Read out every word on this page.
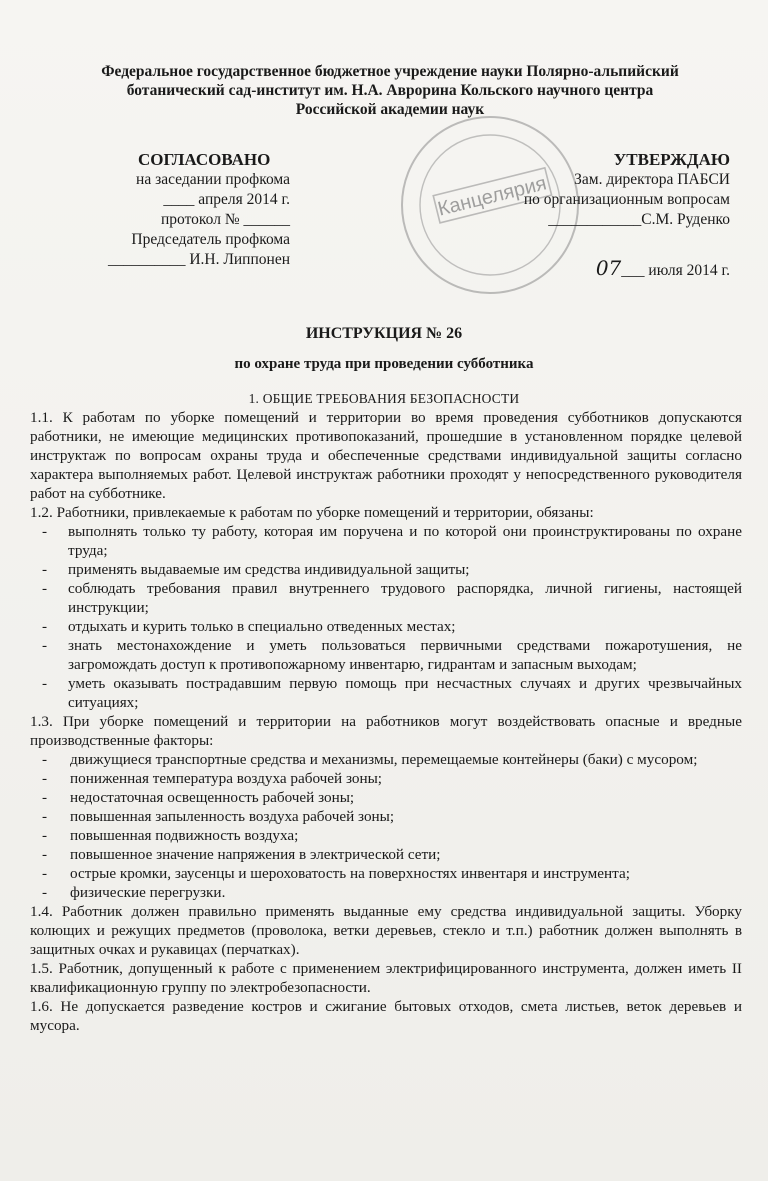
Федеральное государственное бюджетное учреждение науки Полярно-альпийский
ботанический сад-институт им. Н.А. Аврорина Кольского научного центра
Российской академии наук
Канцелярия
СОГЛАСОВАНО
на заседании профкома
____ апреля 2014 г.
протокол № ______
Председатель профкома
__________ И.Н. Липпонен
УТВЕРЖДАЮ
Зам. директора ПАБСИ
по организационным вопросам
____________С.М. Руденко
07___ июля 2014 г.
ИНСТРУКЦИЯ № 26
по охране труда при проведении субботника
1. ОБЩИЕ ТРЕБОВАНИЯ БЕЗОПАСНОСТИ

1.1. К работам по уборке помещений и территории во время проведения субботников допускаются работники, не имеющие медицинских противопоказаний, прошедшие в установленном порядке целевой инструктаж по вопросам охраны труда и обеспеченные средствами индивидуальной защиты согласно характера выполняемых работ. Целевой инструктаж работники проходят у непосредственного руководителя работ на субботнике.

1.2. Работники, привлекаемые к работам по уборке помещений и территории, обязаны:

- выполнять только ту работу, которая им поручена и по которой они проинструктированы по охране труда;
- применять выдаваемые им средства индивидуальной защиты;
- соблюдать требования правил внутреннего трудового распорядка, личной гигиены, настоящей инструкции;
- отдыхать и курить только в специально отведенных местах;
- знать местонахождение и уметь пользоваться первичными средствами пожаротушения, не загромождать доступ к противопожарному инвентарю, гидрантам и запасным выходам;
- уметь оказывать пострадавшим первую помощь при несчастных случаях и других чрезвычайных ситуациях;

1.3. При уборке помещений и территории на работников могут воздействовать опасные и вредные производственные факторы:

- движущиеся транспортные средства и механизмы, перемещаемые контейнеры (баки) с мусором;
- пониженная температура воздуха рабочей зоны;
- недостаточная освещенность рабочей зоны;
- повышенная запыленность воздуха рабочей зоны;
- повышенная подвижность воздуха;
- повышенное значение напряжения в электрической сети;
- острые кромки, заусенцы и шероховатость на поверхностях инвентаря и инструмента;
- физические перегрузки.

1.4. Работник должен правильно применять выданные ему средства индивидуальной защиты. Уборку колющих и режущих предметов (проволока, ветки деревьев, стекло и т.п.) работник должен выполнять в защитных очках и рукавицах (перчатках).

1.5. Работник, допущенный к работе с применением электрифицированного инструмента, должен иметь II квалификационную группу по электробезопасности.

1.6. Не допускается разведение костров и сжигание бытовых отходов, смета листьев, веток деревьев и мусора.
